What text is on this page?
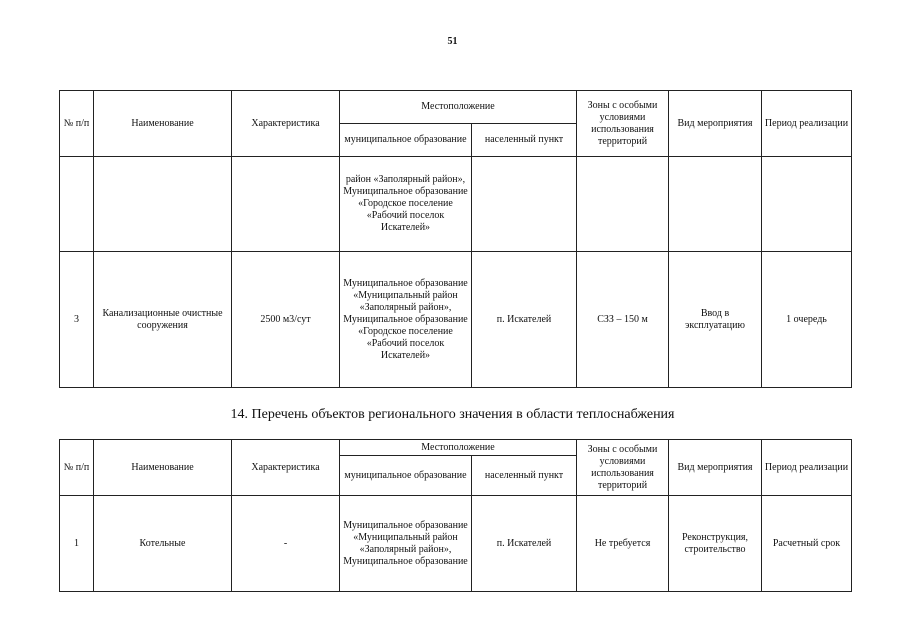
51
№ п/п	Наименование	Характеристика	Местоположение		Зоны с особыми условиями использования территорий	Вид мероприятия	Период реализации
			муниципальное образование	населенный пункт			
			район «Заполярный район», Муниципальное образование «Городское поселение «Рабочий поселок Искателей»				
3	Канализационные очистные сооружения	2500 м3/сут	Муниципальное образование «Муниципальный район «Заполярный район», Муниципальное образование «Городское поселение «Рабочий поселок Искателей»	п. Искателей	СЗЗ – 150 м	Ввод в эксплуатацию	1 очередь
14. Перечень объектов регионального значения в области теплоснабжения
№ п/п	Наименование	Характеристика	Местоположение		Зоны с особыми условиями использования территорий	Вид мероприятия	Период реализации
			муниципальное образование	населенный пункт			
1	Котельные	-	Муниципальное образование «Муниципальный район «Заполярный район», Муниципальное образование	п. Искателей	Не требуется	Реконструкция, строительство	Расчетный срок
